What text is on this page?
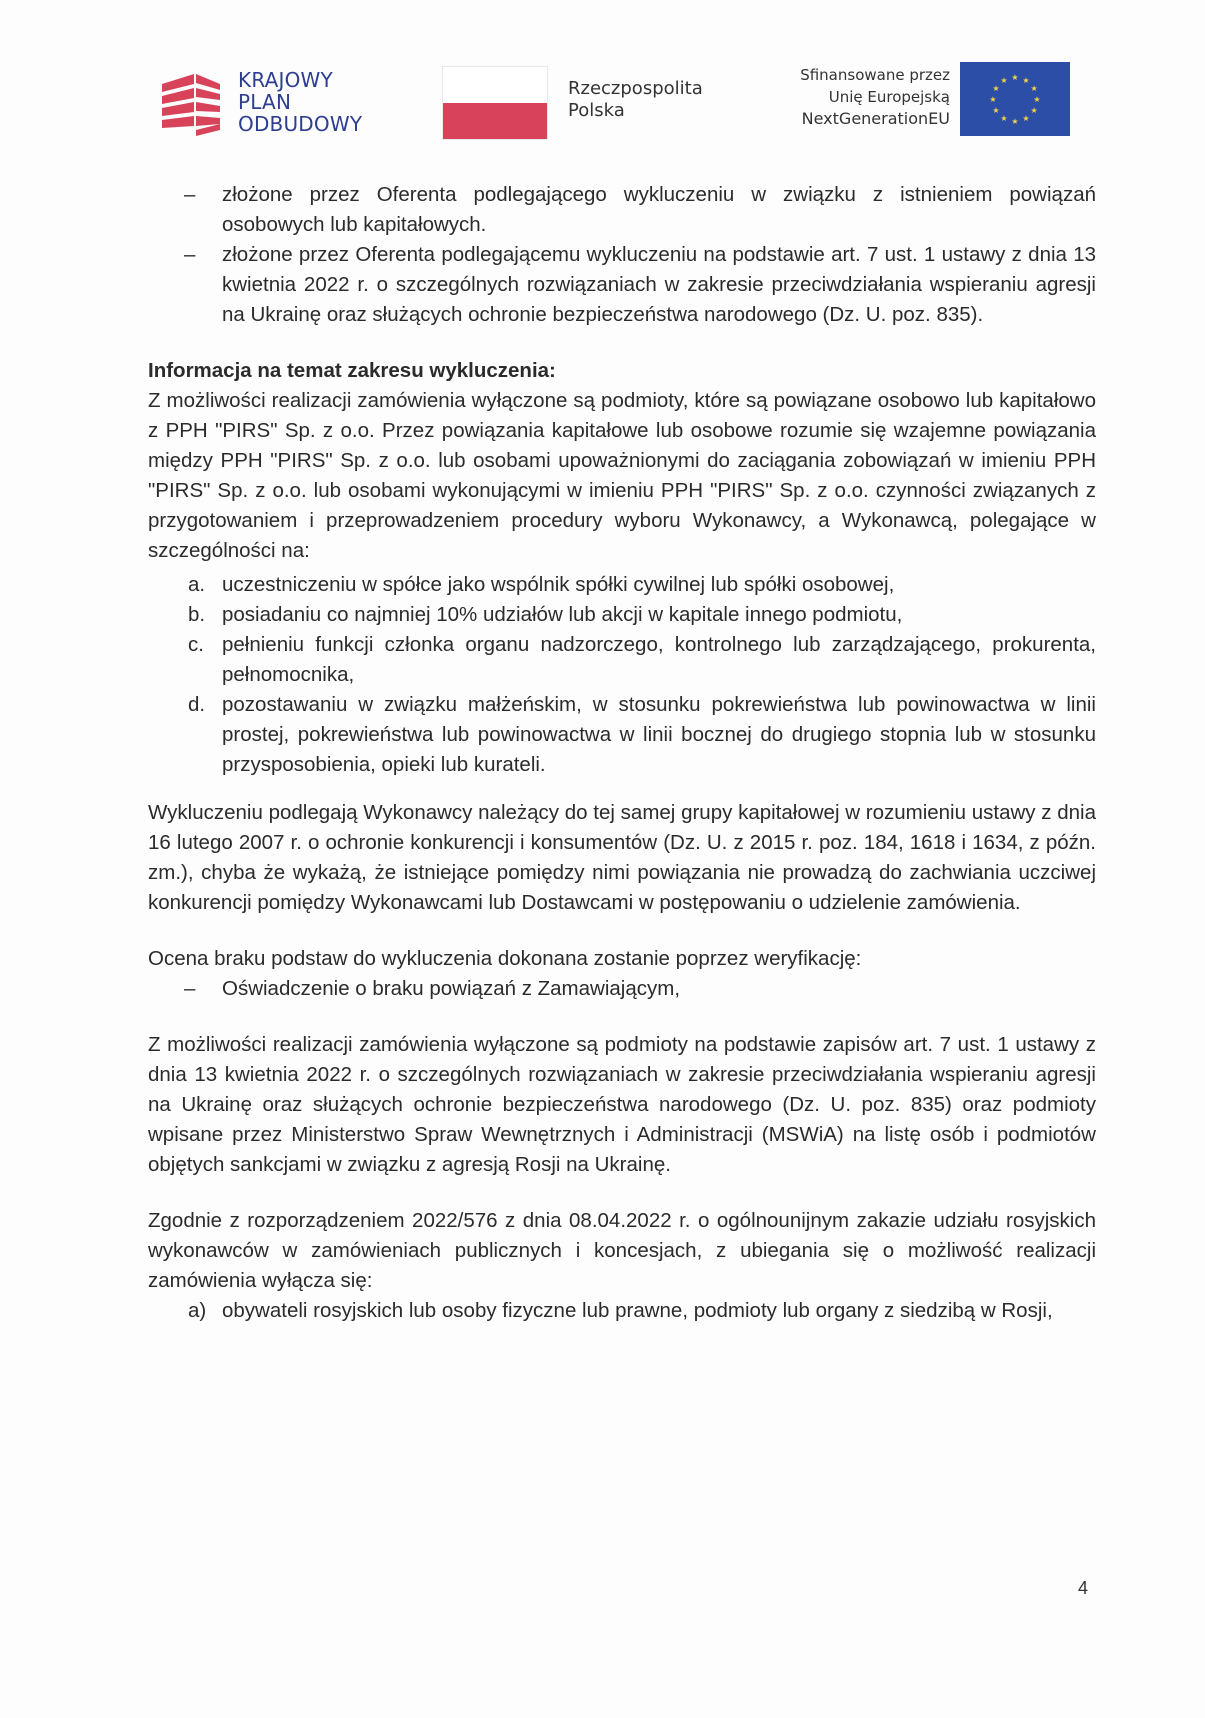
KRAJOWY
PLAN
ODBUDOWY
Rzeczpospolita
Polska
Sfinansowane przez
Unię Europejską
NextGenerationEU
★ ★
★
★
★
★
★
★
★
★
★
★
– złożone przez Oferenta podlegającego wykluczeniu w związku z istnieniem powiązań osobowych lub kapitałowych.
– złożone przez Oferenta podlegającemu wykluczeniu na podstawie art. 7 ust. 1 ustawy z dnia 13 kwietnia 2022 r. o szczególnych rozwiązaniach w zakresie przeciwdziałania wspieraniu agresji na Ukrainę oraz służących ochronie bezpieczeństwa narodowego (Dz. U. poz. 835).

Informacja na temat zakresu wykluczenia:

Z możliwości realizacji zamówienia wyłączone są podmioty, które są powiązane osobowo lub kapitałowo z PPH "PIRS" Sp. z o.o. Przez powiązania kapitałowe lub osobowe rozumie się wzajemne powiązania między PPH "PIRS" Sp. z o.o. lub osobami upoważnionymi do zaciągania zobowiązań w imieniu PPH "PIRS" Sp. z o.o. lub osobami wykonującymi w imieniu PPH "PIRS" Sp. z o.o. czynności związanych z przygotowaniem i przeprowadzeniem procedury wyboru Wykonawcy, a Wykonawcą, polegające w szczególności na:

a. uczestniczeniu w spółce jako wspólnik spółki cywilnej lub spółki osobowej,
b. posiadaniu co najmniej 10% udziałów lub akcji w kapitale innego podmiotu,
c. pełnieniu funkcji członka organu nadzorczego, kontrolnego lub zarządzającego, prokurenta, pełnomocnika,
d. pozostawaniu w związku małżeńskim, w stosunku pokrewieństwa lub powinowactwa w linii prostej, pokrewieństwa lub powinowactwa w linii bocznej do drugiego stopnia lub w stosunku przysposobienia, opieki lub kurateli.

Wykluczeniu podlegają Wykonawcy należący do tej samej grupy kapitałowej w rozumieniu ustawy z dnia 16 lutego 2007 r. o ochronie konkurencji i konsumentów (Dz. U. z 2015 r. poz. 184, 1618 i 1634, z późn. zm.), chyba że wykażą, że istniejące pomiędzy nimi powiązania nie prowadzą do zachwiania uczciwej konkurencji pomiędzy Wykonawcami lub Dostawcami w postępowaniu o udzielenie zamówienia.

Ocena braku podstaw do wykluczenia dokonana zostanie poprzez weryfikację:

– Oświadczenie o braku powiązań z Zamawiającym,

Z możliwości realizacji zamówienia wyłączone są podmioty na podstawie zapisów art. 7 ust. 1 ustawy z dnia 13 kwietnia 2022 r. o szczególnych rozwiązaniach w zakresie przeciwdziałania wspieraniu agresji na Ukrainę oraz służących ochronie bezpieczeństwa narodowego (Dz. U. poz. 835) oraz podmioty wpisane przez Ministerstwo Spraw Wewnętrznych i Administracji (MSWiA) na listę osób i podmiotów objętych sankcjami w związku z agresją Rosji na Ukrainę.

Zgodnie z rozporządzeniem 2022/576 z dnia 08.04.2022 r. o ogólnounijnym zakazie udziału rosyjskich wykonawców w zamówieniach publicznych i koncesjach, z ubiegania się o możliwość realizacji zamówienia wyłącza się:

a) obywateli rosyjskich lub osoby fizyczne lub prawne, podmioty lub organy z siedzibą w Rosji,
4
